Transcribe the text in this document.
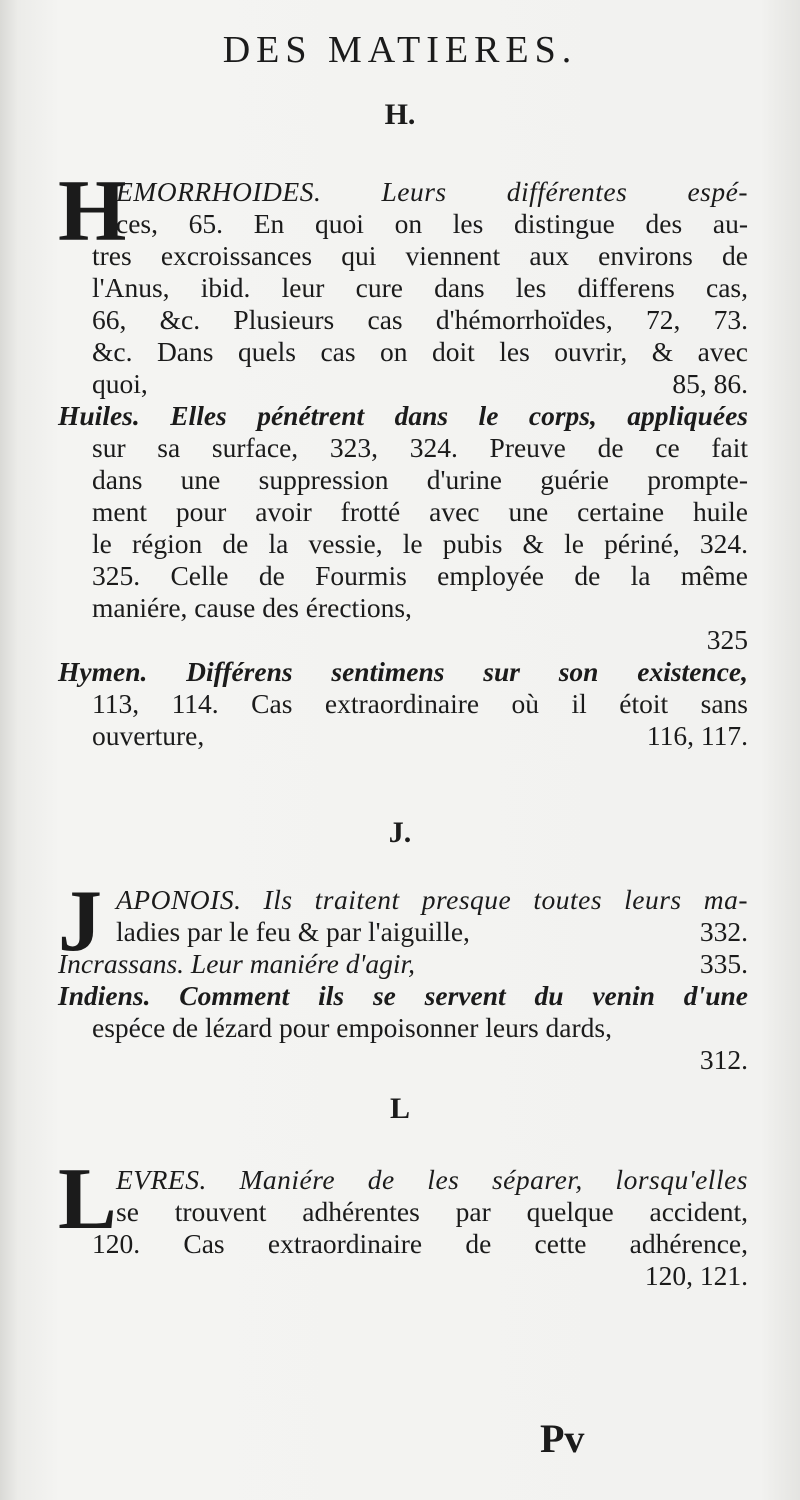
DES MATIERES.
H.
H
EMORRHOIDES. Leurs différentes espé-
ces, 65. En quoi on les distingue des au-
tres excroissances qui viennent aux environs de
l'Anus, ibid. leur cure dans les differens cas,
66, &c. Plusieurs cas d'hémorrhoïdes, 72, 73.
&c. Dans quels cas on doit les ouvrir, & avec
quoi,	85, 86.
Huiles. Elles pénétrent dans le corps, appliquées
sur sa surface, 323, 324. Preuve de ce fait
dans une suppression d'urine guérie prompte-
ment pour avoir frotté avec une certaine huile
le région de la vessie, le pubis & le périné, 324.
325. Celle de Fourmis employée de la même
maniére, cause des érections,
325
Hymen. Différens sentimens sur son existence,
113, 114. Cas extraordinaire où il étoit sans
ouverture,	116, 117.
J.
J APONOIS. Ils traitent presque toutes leurs ma-
ladies par le feu & par l'aiguille,	332.
Incrassans. Leur maniére d'agir,	335.
Indiens. Comment ils se servent du venin d'une
espéce de lézard pour empoisonner leurs dards,
312.
L
L EVRES. Maniére de les séparer, lorsqu'elles
se trouvent adhérentes par quelque accident,
120. Cas extraordinaire de cette adhérence,
120, 121.
Pv
